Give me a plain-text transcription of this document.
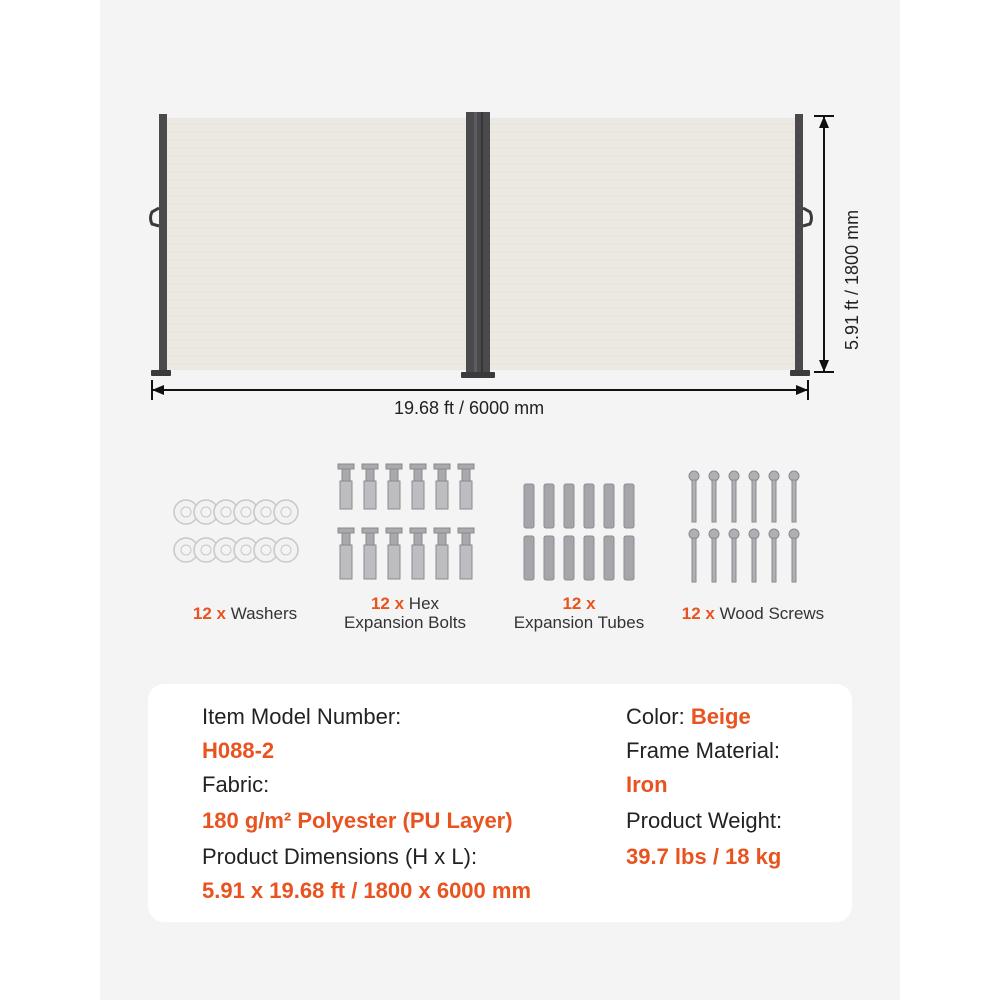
19.68 ft / 6000 mm
5.91 ft / 1800 mm
12 x Washers
12 x Hex
Expansion Bolts
12 x
Expansion Tubes	12 x Wood Screws
Item Model Number:
H088-2
Fabric:
180 g/m² Polyester (PU Layer)
Product Dimensions (H x L):
5.91 x 19.68 ft / 1800 x 6000 mm
Color: Beige
Frame Material:
Iron
Product Weight:
39.7 lbs / 18 kg
